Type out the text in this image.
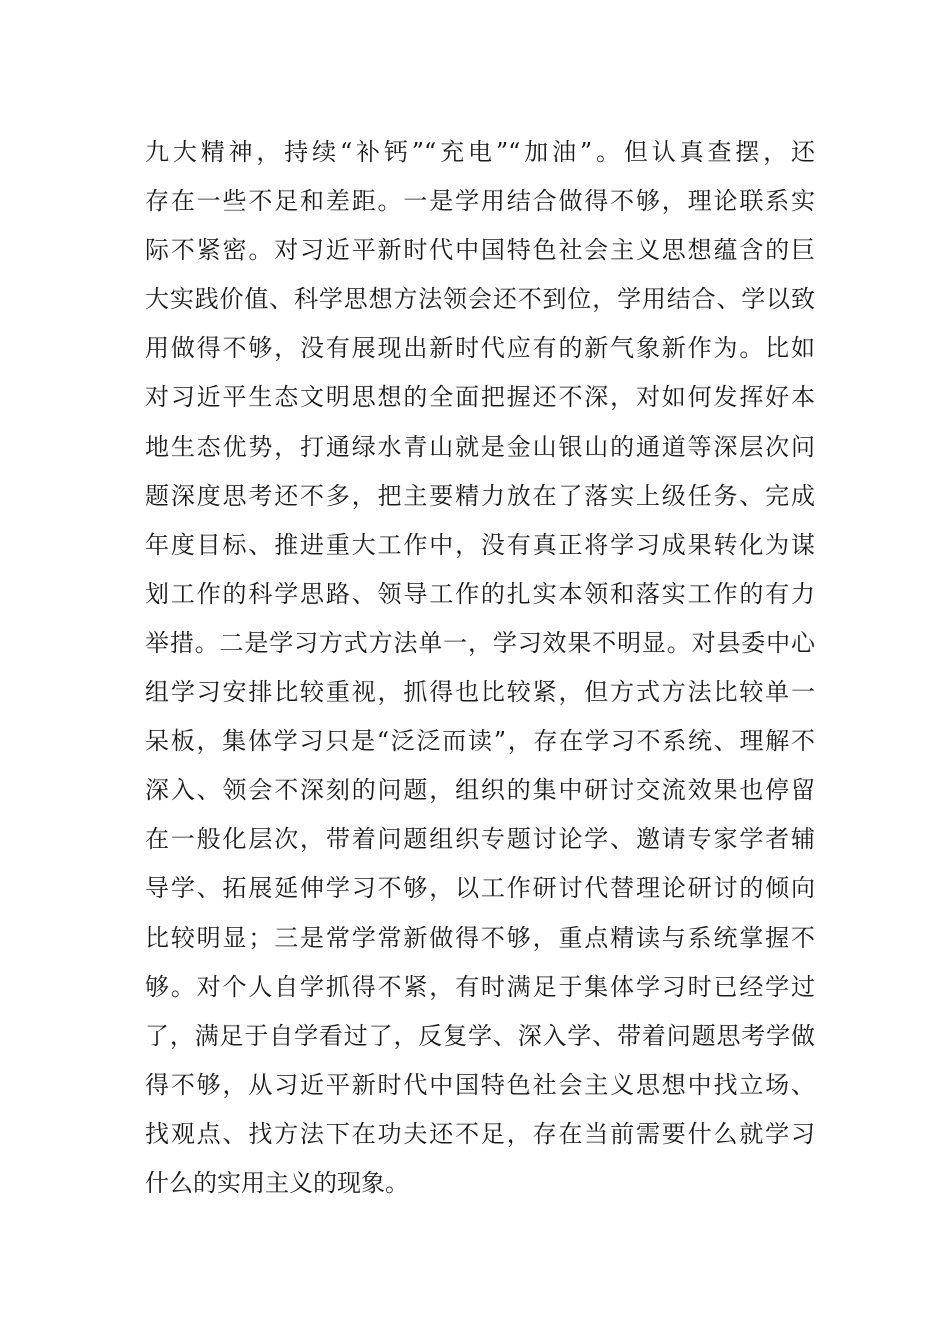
九大精神，持续“补钙”“充电”“加油”。但认真查摆，还
存在一些不足和差距。一是学用结合做得不够，理论联系实
际不紧密。对习近平新时代中国特色社会主义思想蕴含的巨
大实践价值、科学思想方法领会还不到位，学用结合、学以致
用做得不够，没有展现出新时代应有的新气象新作为。比如
对习近平生态文明思想的全面把握还不深，对如何发挥好本
地生态优势，打通绿水青山就是金山银山的通道等深层次问
题深度思考还不多，把主要精力放在了落实上级任务、完成
年度目标、推进重大工作中，没有真正将学习成果转化为谋
划工作的科学思路、领导工作的扎实本领和落实工作的有力
举措。二是学习方式方法单一，学习效果不明显。对县委中心
组学习安排比较重视，抓得也比较紧，但方式方法比较单一
呆板，集体学习只是“泛泛而读”，存在学习不系统、理解不
深入、领会不深刻的问题，组织的集中研讨交流效果也停留
在一般化层次，带着问题组织专题讨论学、邀请专家学者辅
导学、拓展延伸学习不够，以工作研讨代替理论研讨的倾向
比较明显；三是常学常新做得不够，重点精读与系统掌握不
够。对个人自学抓得不紧，有时满足于集体学习时已经学过
了，满足于自学看过了，反复学、深入学、带着问题思考学做
得不够，从习近平新时代中国特色社会主义思想中找立场、
找观点、找方法下在功夫还不足，存在当前需要什么就学习
什么的实用主义的现象。
